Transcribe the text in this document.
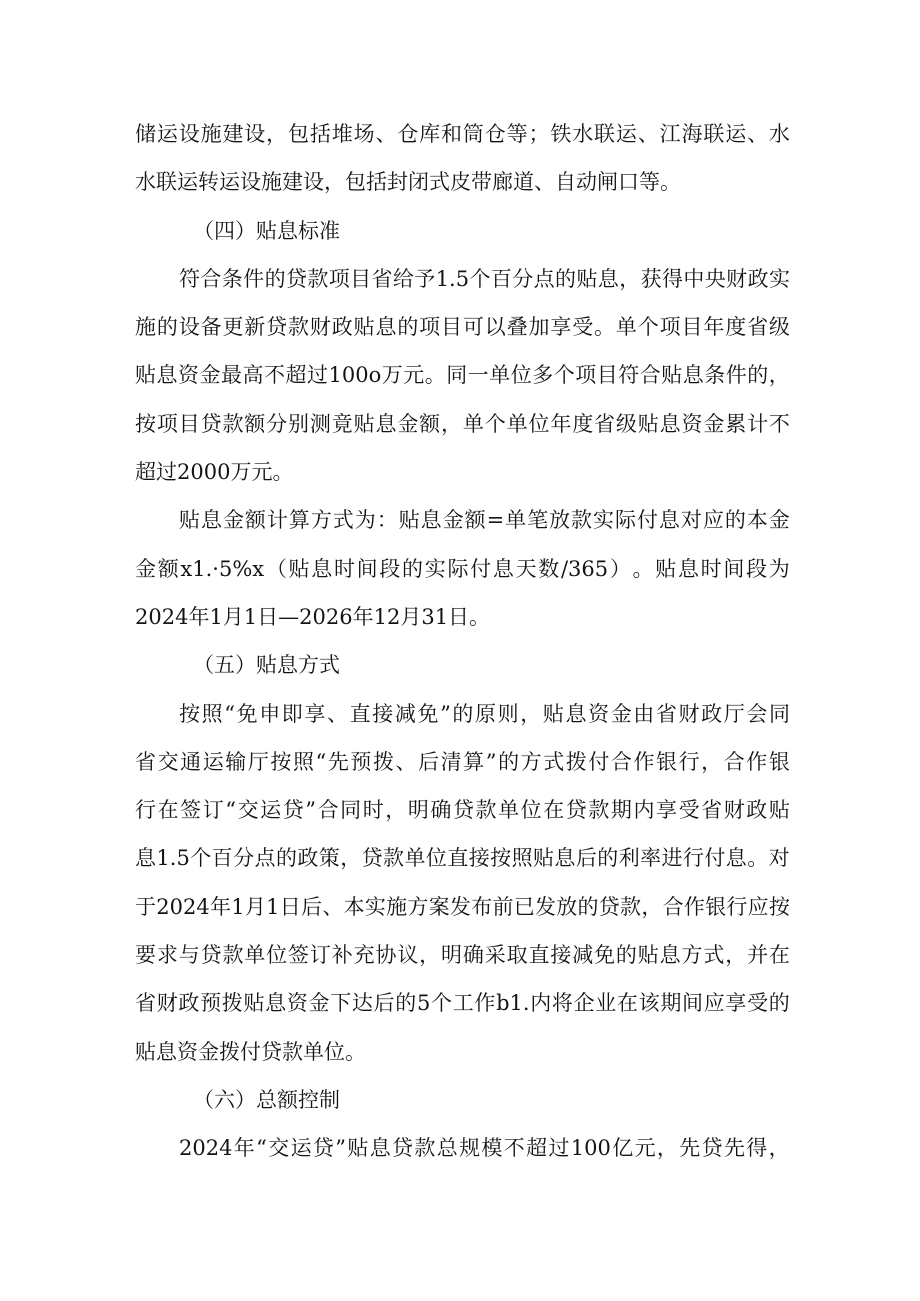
储 运 设 施 建 设 ， 包 括 堆 场 、 仓 库 和 筒 仓 等 ； 铁 水 联 运 、 江 海 联 运 、 水
水联运转运设施建设，包括封闭式皮带廊道、自动闸口等。
（四）贴息标准
符 合 条 件 的 贷 款 项 目 省 给 予 1.5 个 百 分 点 的 贴 息 ， 获 得 中 央 财 政 实
施 的 设 备 更 新 贷 款 财 政 贴 息 的 项 目 可 以 叠 加 享 受 。 单 个 项 目 年 度 省 级
贴 息 资 金 最 高 不 超 过 100o 万 元 。 同 一 单 位 多 个 项 目 符 合 贴 息 条 件 的 ，
按 项 目 贷 款 额 分 别 测 竟 贴 息 金 额 ， 单 个 单 位 年 度 省 级 贴 息 资 金 累 计 不
超过2000万元。
贴 息 金 额 计 算 方 式 为 ： 贴 息 金 额 = 单 笔 放 款 实 际 付 息 对 应 的 本 金
金 额 x1.·5%x （ 贴 息 时 间 段 的 实 际 付 息 天 数 /365 ） 。 贴 息 时 间 段 为
2024年1月1日—2026年12月31日。
（五）贴息方式
按 照 “ 免 申 即 享 、 直 接 减 免 ” 的 原 则 ， 贴 息 资 金 由 省 财 政 厅 会 同
省 交 通 运 输 厅 按 照 “ 先 预 拨 、 后 清 算 ” 的 方 式 拨 付 合 作 银 行 ， 合 作 银
行 在 签 订 “ 交 运 贷 ” 合 同 时 ， 明 确 贷 款 单 位 在 贷 款 期 内 享 受 省 财 政 贴
息 1.5 个 百 分 点 的 政 策 ， 贷 款 单 位 直 接 按 照 贴 息 后 的 利 率 进 行 付 息 。 对
于 2024 年 1 月 1 日 后 、 本 实 施 方 案 发 布 前 已 发 放 的 贷 款 ， 合 作 银 行 应 按
要 求 与 贷 款 单 位 签 订 补 充 协 议 ， 明 确 采 取 直 接 减 免 的 贴 息 方 式 ， 并 在
省 财 政 预 拨 贴 息 资 金 下 达 后 的 5 个 工 作 b1. 内 将 企 业 在 该 期 间 应 享 受 的
贴息资金拨付贷款单位。
（六）总额控制
2024 年 “ 交 运 贷 ” 贴 息 贷 款 总 规 模 不 超 过 100 亿 元 ， 先 贷 先 得 ，
